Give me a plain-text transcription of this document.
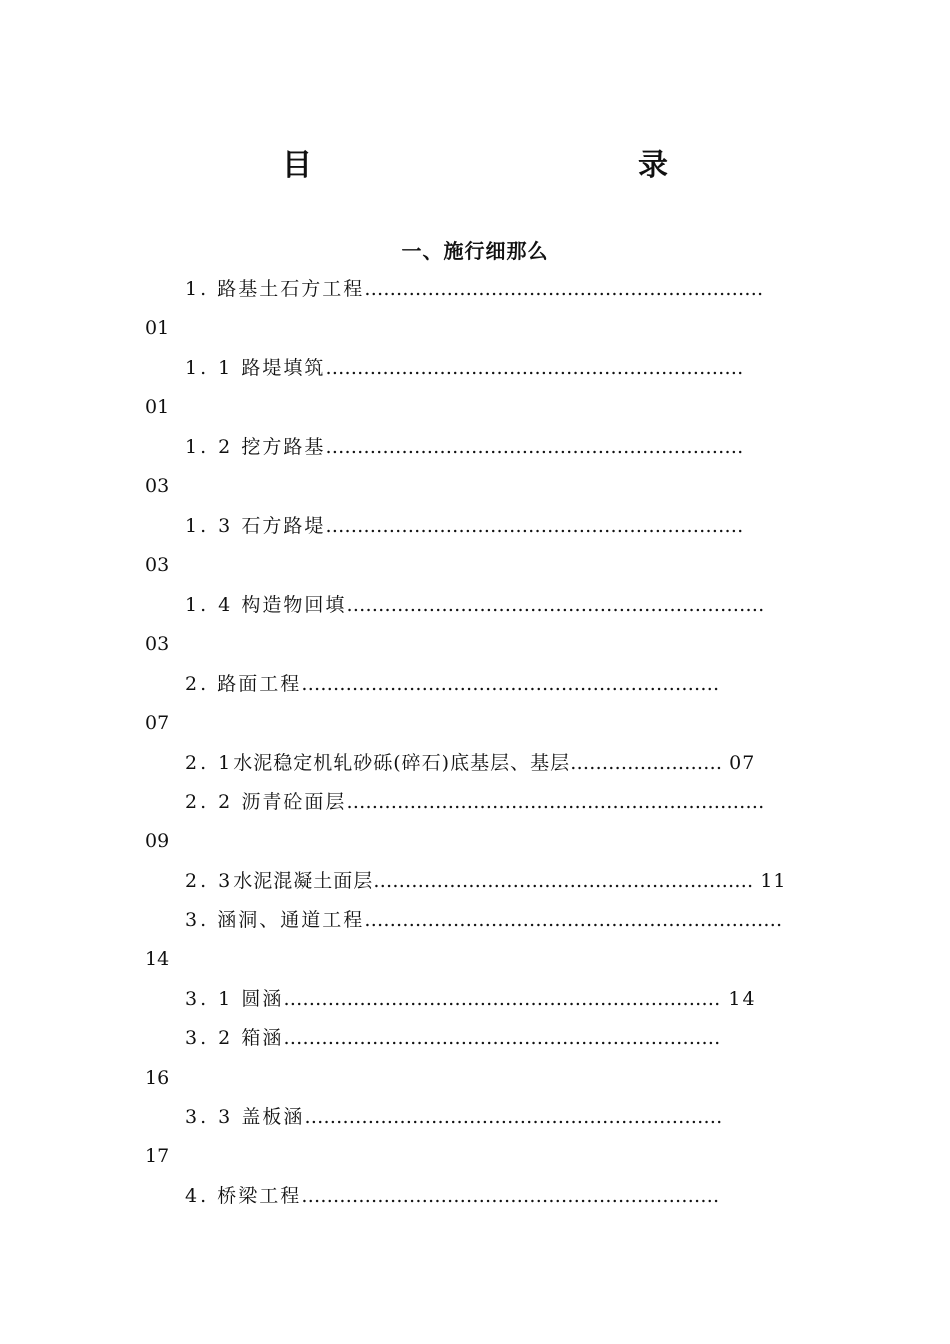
目	录
一、施行细那么
1. 路基土石方工程………………………………………………………
01
1. 1 路堤填筑…………………………………………………………
01
1. 2 挖方路基…………………………………………………………
03
1. 3 石方路堤…………………………………………………………
03
1. 4 构造物回填…………………………………………………………
03
2. 路面工程…………………………………………………………
07
2. 1水泥稳定机轧砂砾(碎石)底基层、基层…………………… 07
2. 2 沥青砼面层…………………………………………………………
09
2. 3水泥混凝土面层…………………………………………………… 11
3. 涵洞、通道工程…………………………………………………………
14
3. 1 圆涵…………………………………………………………… 14
3. 2 箱涵……………………………………………………………
16
3. 3 盖板涵…………………………………………………………
17
4. 桥梁工程…………………………………………………………
